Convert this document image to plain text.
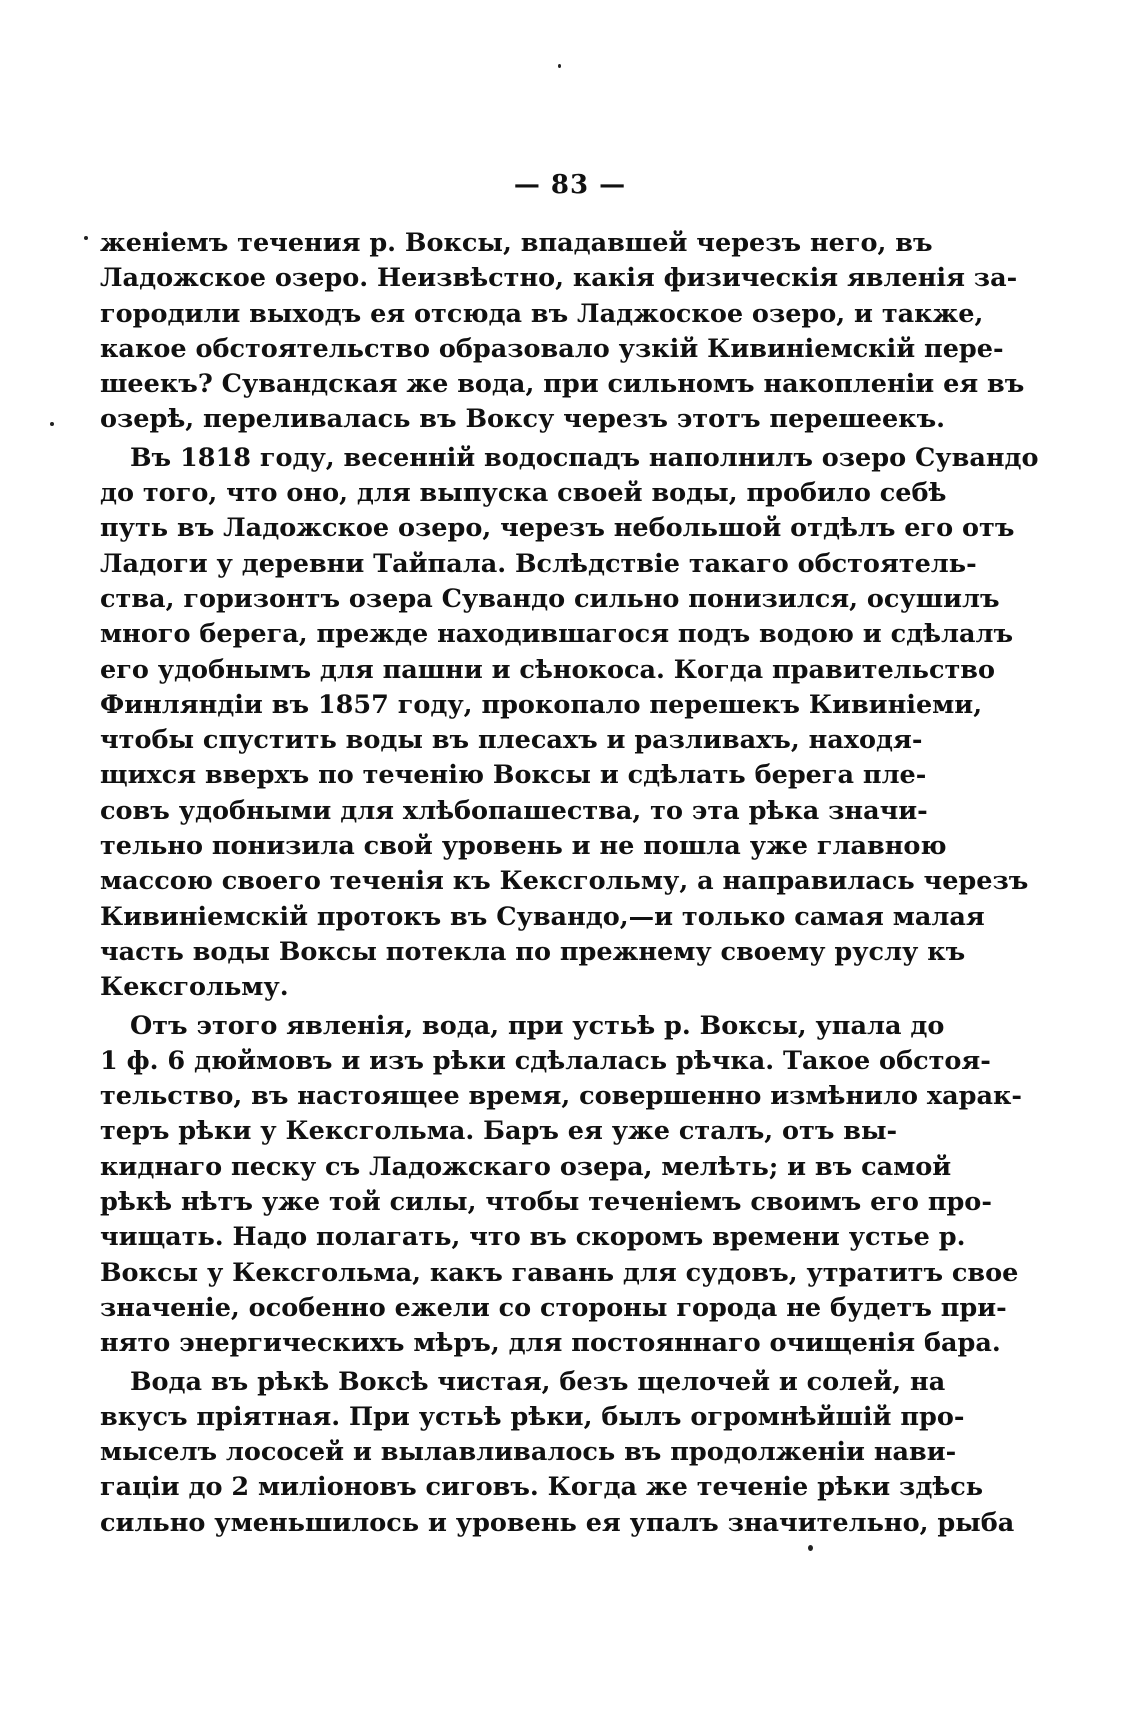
— 83 —
женіемъ течения р. Воксы, впадавшей черезъ него, въ
Ладожское озеро. Неизвѣстно, какія физическія явленія за-
городили выходъ ея отсюда въ Ладжоское озеро, и также,
какое обстоятельство образовало узкій Кивиніемскій пере-
шеекъ? Сувандская же вода, при сильномъ накопленіи ея въ
озерѣ, переливалась въ Воксу черезъ этотъ перешеекъ.
Въ 1818 году, весенній водоспадъ наполнилъ озеро Сувандо
до того, что оно, для выпуска своей воды, пробило себѣ
путь въ Ладожское озеро, черезъ небольшой отдѣлъ его отъ
Ладоги у деревни Тайпала. Вслѣдствіе такаго обстоятель-
ства, горизонтъ озера Сувандо сильно понизился, осушилъ
много берега, прежде находившагося подъ водою и сдѣлалъ
его удобнымъ для пашни и сѣнокоса. Когда правительство
Финляндіи въ 1857 году, прокопало перешекъ Кивиніеми,
чтобы спустить воды въ плесахъ и разливахъ, находя-
щихся вверхъ по теченію Воксы и сдѣлать берега пле-
совъ удобными для хлѣбопашества, то эта рѣка значи-
тельно понизила свой уровень и не пошла уже главною
массою своего теченія къ Кексгольму, а направилась черезъ
Кивиніемскій протокъ въ Сувандо,—и только самая малая
часть воды Воксы потекла по прежнему своему руслу къ
Кексгольму.
Отъ этого явленія, вода, при устьѣ р. Воксы, упала до
1 ф. 6 дюймовъ и изъ рѣки сдѣлалась рѣчка. Такое обстоя-
тельство, въ настоящее время, совершенно измѣнило харак-
теръ рѣки у Кексгольма. Баръ ея уже сталъ, отъ вы-
киднаго песку съ Ладожскаго озера, мелѣть; и въ самой
рѣкѣ нѣтъ уже той силы, чтобы теченіемъ своимъ его про-
чищать. Надо полагать, что въ скоромъ времени устье р.
Воксы у Кексгольма, какъ гавань для судовъ, утратитъ свое
значеніе, особенно ежели со стороны города не будетъ при-
нято энергическихъ мѣръ, для постояннаго очищенія бара.
Вода въ рѣкѣ Воксѣ чистая, безъ щелочей и солей, на
вкусъ пріятная. При устьѣ рѣки, былъ огромнѣйшій про-
мыселъ лососей и вылавливалось въ продолженіи нави-
гаціи до 2 миліоновъ сиговъ. Когда же теченіе рѣки здѣсь
сильно уменьшилось и уровень ея упалъ значительно, рыба
